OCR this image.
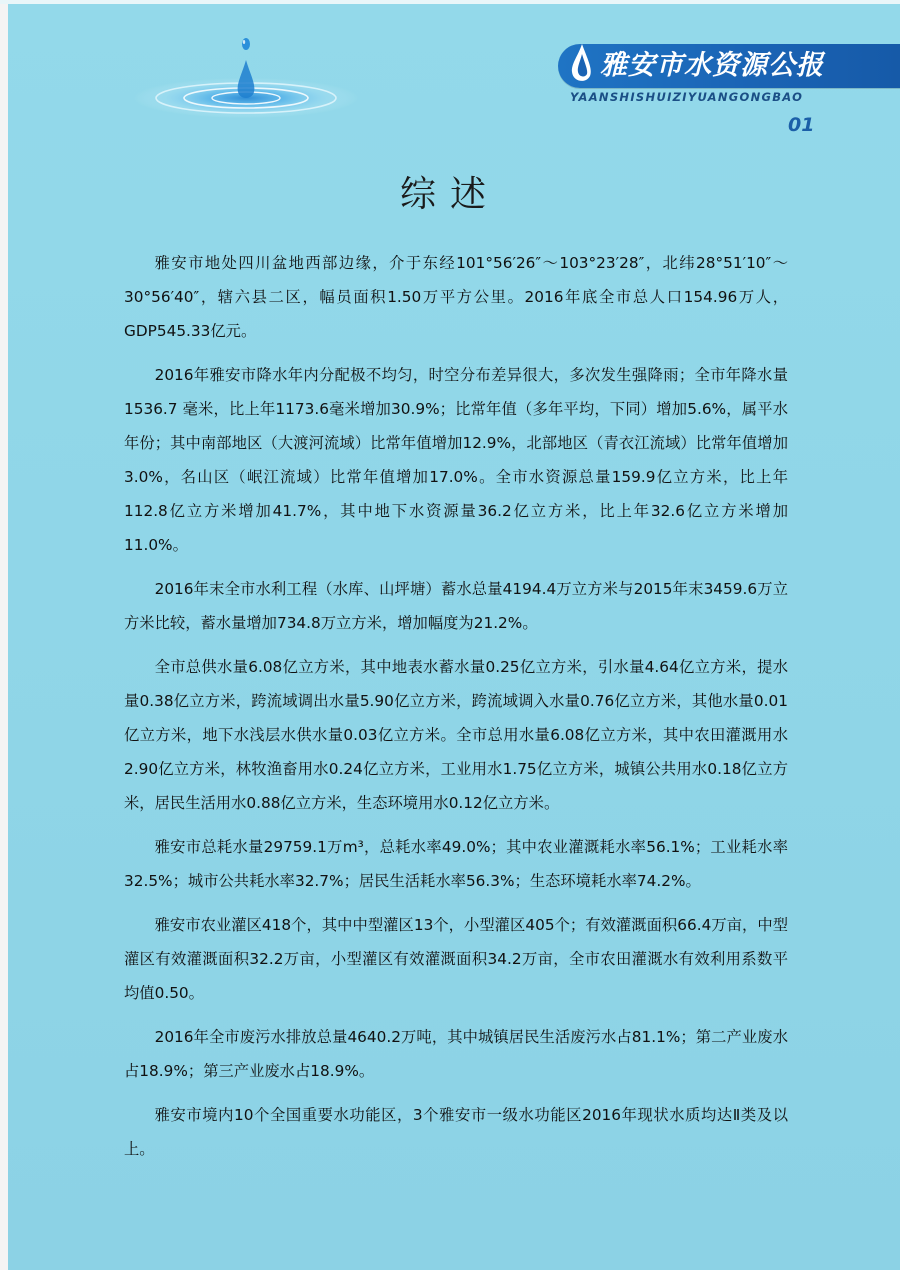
雅安市水资源公报
YAANSHISHUIZIYUANGONGBAO
01
综述

雅安市地处四川盆地西部边缘，介于东经101°56′26″～103°23′28″，北纬28°51′10″～30°56′40″，辖六县二区，幅员面积1.50万平方公里。2016年底全市总人口154.96万人，GDP545.33亿元。

2016年雅安市降水年内分配极不均匀，时空分布差异很大，多次发生强降雨；全市年降水量1536.7 毫米，比上年1173.6毫米增加30.9%；比常年值（多年平均，下同）增加5.6%，属平水年份；其中南部地区（大渡河流域）比常年值增加12.9%，北部地区（青衣江流域）比常年值增加3.0%，名山区（岷江流域）比常年值增加17.0%。全市水资源总量159.9亿立方米，比上年112.8亿立方米增加41.7%，其中地下水资源量36.2亿立方米，比上年32.6亿立方米增加11.0%。

2016年末全市水利工程（水库、山坪塘）蓄水总量4194.4万立方米与2015年末3459.6万立方米比较，蓄水量增加734.8万立方米，增加幅度为21.2%。

全市总供水量6.08亿立方米，其中地表水蓄水量0.25亿立方米，引水量4.64亿立方米，提水量0.38亿立方米，跨流域调出水量5.90亿立方米，跨流域调入水量0.76亿立方米，其他水量0.01亿立方米，地下水浅层水供水量0.03亿立方米。全市总用水量6.08亿立方米，其中农田灌溉用水2.90亿立方米，林牧渔畜用水0.24亿立方米，工业用水1.75亿立方米，城镇公共用水0.18亿立方米，居民生活用水0.88亿立方米，生态环境用水0.12亿立方米。

雅安市总耗水量29759.1万m³，总耗水率49.0%；其中农业灌溉耗水率56.1%；工业耗水率32.5%；城市公共耗水率32.7%；居民生活耗水率56.3%；生态环境耗水率74.2%。

雅安市农业灌区418个，其中中型灌区13个，小型灌区405个；有效灌溉面积66.4万亩，中型灌区有效灌溉面积32.2万亩，小型灌区有效灌溉面积34.2万亩，全市农田灌溉水有效利用系数平均值0.50。

2016年全市废污水排放总量4640.2万吨，其中城镇居民生活废污水占81.1%；第二产业废水占18.9%；第三产业废水占18.9%。

雅安市境内10个全国重要水功能区，3个雅安市一级水功能区2016年现状水质均达Ⅱ类及以上。
